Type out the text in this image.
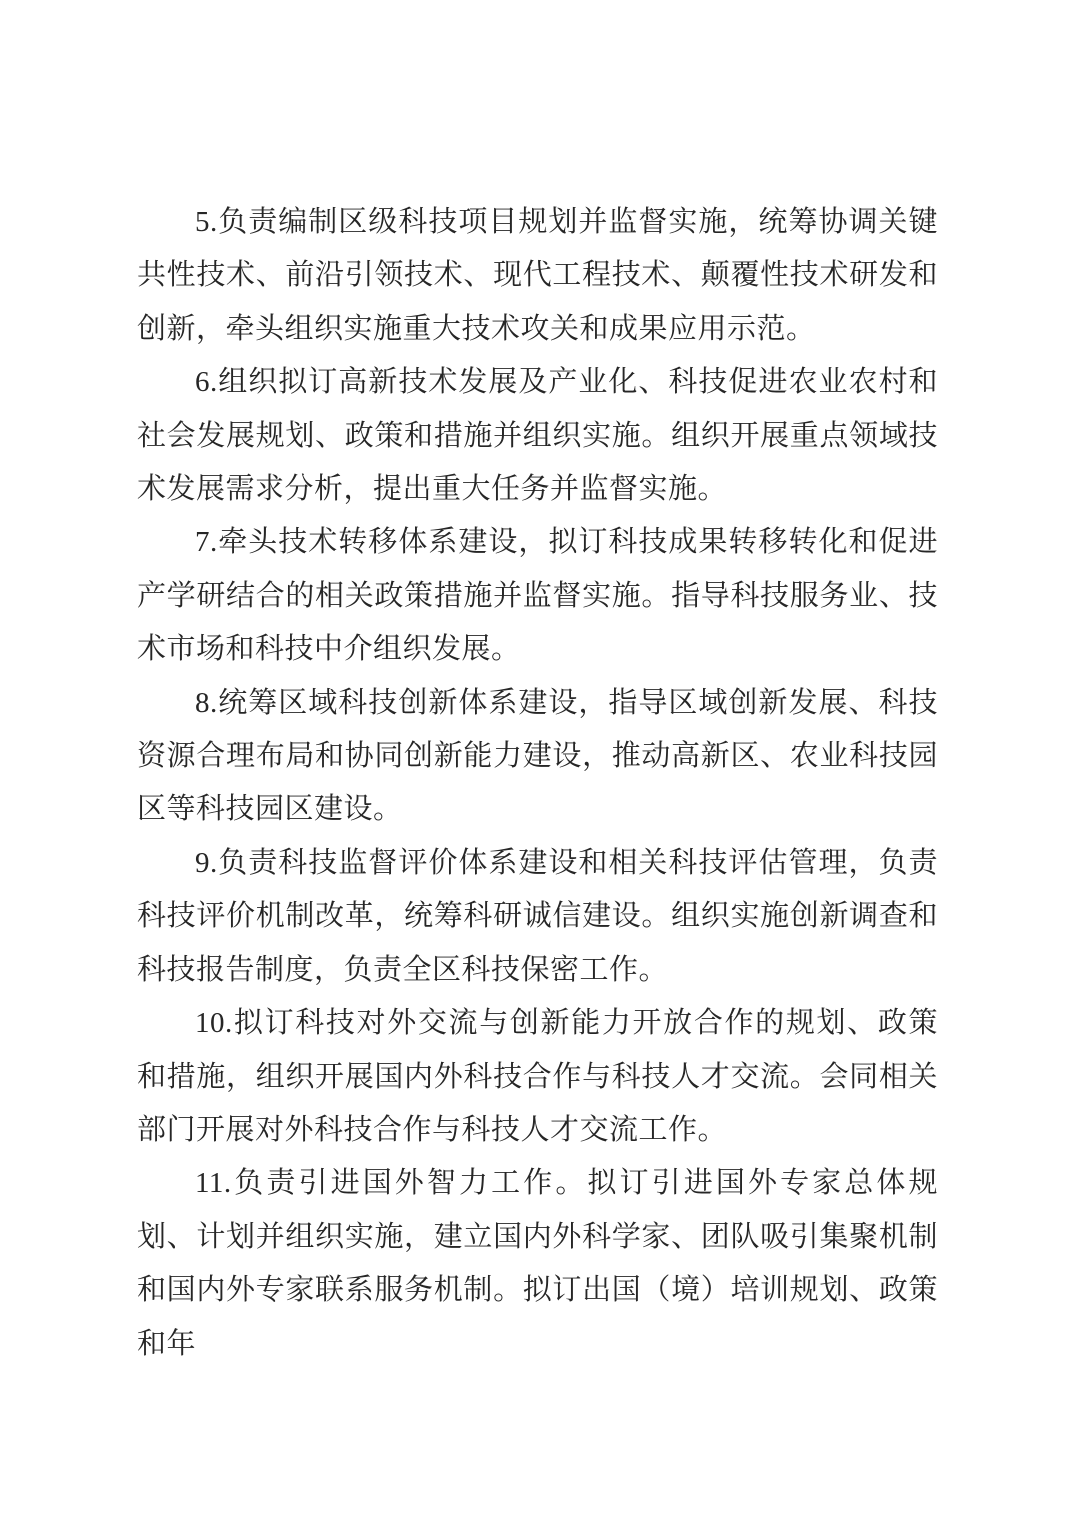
5.负责编制区级科技项目规划并监督实施，统筹协调关键共性技术、前沿引领技术、现代工程技术、颠覆性技术研发和创新，牵头组织实施重大技术攻关和成果应用示范。

6.组织拟订高新技术发展及产业化、科技促进农业农村和社会发展规划、政策和措施并组织实施。组织开展重点领域技术发展需求分析，提出重大任务并监督实施。

7.牵头技术转移体系建设，拟订科技成果转移转化和促进产学研结合的相关政策措施并监督实施。指导科技服务业、技术市场和科技中介组织发展。

8.统筹区域科技创新体系建设，指导区域创新发展、科技资源合理布局和协同创新能力建设，推动高新区、农业科技园区等科技园区建设。

9.负责科技监督评价体系建设和相关科技评估管理，负责科技评价机制改革，统筹科研诚信建设。组织实施创新调查和科技报告制度，负责全区科技保密工作。

10.拟订科技对外交流与创新能力开放合作的规划、政策和措施，组织开展国内外科技合作与科技人才交流。会同相关部门开展对外科技合作与科技人才交流工作。

11.负责引进国外智力工作。拟订引进国外专家总体规划、计划并组织实施，建立国内外科学家、团队吸引集聚机制和国内外专家联系服务机制。拟订出国（境）培训规划、政策和年
